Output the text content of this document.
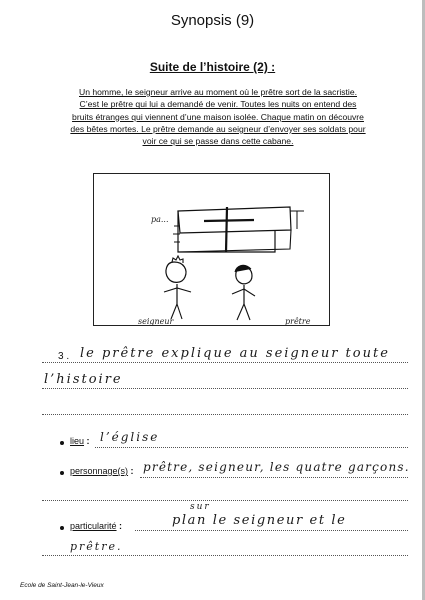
Synopsis (9)
Suite de l’histoire (2) :
Un homme, le seigneur arrive au moment où le prêtre sort de la sacristie.
C’est le prêtre qui lui a demandé de venir. Toutes les nuits on entend des
bruits étranges qui viennent d’une maison isolée. Chaque matin on découvre
des bêtes mortes. Le prêtre demande au seigneur d’envoyer ses soldats pour
voir ce qui se passe dans cette cabane.
pa...
seigneur	prêtre
3 . le prêtre explique au seigneur toute
l’histoire
lieu : l’église
personnage(s) : prêtre, seigneur, les quatre garçons.
particularité :
sur
plan le seigneur et le
prêtre.
Ecole de Saint-Jean-le-Vieux
